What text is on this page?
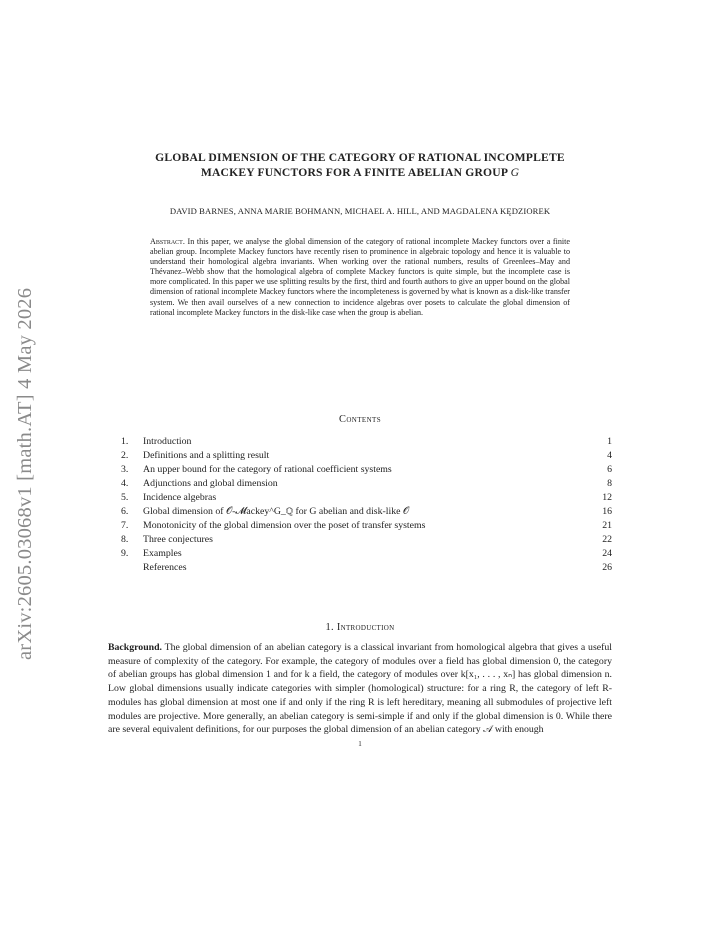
arXiv:2605.03068v1 [math.AT] 4 May 2026
GLOBAL DIMENSION OF THE CATEGORY OF RATIONAL INCOMPLETE
MACKEY FUNCTORS FOR A FINITE ABELIAN GROUP G
DAVID BARNES, ANNA MARIE BOHMANN, MICHAEL A. HILL, AND MAGDALENA KĘDZIOREK
Abstract. In this paper, we analyse the global dimension of the category of rational incomplete Mackey functors over a finite abelian group. Incomplete Mackey functors have recently risen to prominence in algebraic topology and hence it is valuable to understand their homological algebra invariants. When working over the rational numbers, results of Greenlees–May and Thévanez–Webb show that the homological algebra of complete Mackey functors is quite simple, but the incomplete case is more complicated. In this paper we use splitting results by the first, third and fourth authors to give an upper bound on the global dimension of rational incomplete Mackey functors where the incompleteness is governed by what is known as a disk-like transfer system. We then avail ourselves of a new connection to incidence algebras over posets to calculate the global dimension of rational incomplete Mackey functors in the disk-like case when the group is abelian.
Contents
1.	Introduction	1
2.	Definitions and a splitting result	4
3.	An upper bound for the category of rational coefficient systems	6
4.	Adjunctions and global dimension	8
5.	Incidence algebras	12
6.	Global dimension of 𝒪-𝓜ackey^G_ℚ for G abelian and disk-like 𝒪	16
7.	Monotonicity of the global dimension over the poset of transfer systems	21
8.	Three conjectures	22
9.	Examples	24
References	26
1. Introduction
Background. The global dimension of an abelian category is a classical invariant from homological algebra that gives a useful measure of complexity of the category. For example, the category of modules over a field has global dimension 0, the category of abelian groups has global dimension 1 and for k a field, the category of modules over k[x₁, . . . , xₙ] has global dimension n. Low global dimensions usually indicate categories with simpler (homological) structure: for a ring R, the category of left R-modules has global dimension at most one if and only if the ring R is left hereditary, meaning all submodules of projective left modules are projective. More generally, an abelian category is semi-simple if and only if the global dimension is 0. While there are several equivalent definitions, for our purposes the global dimension of an abelian category 𝒜 with enough
1
